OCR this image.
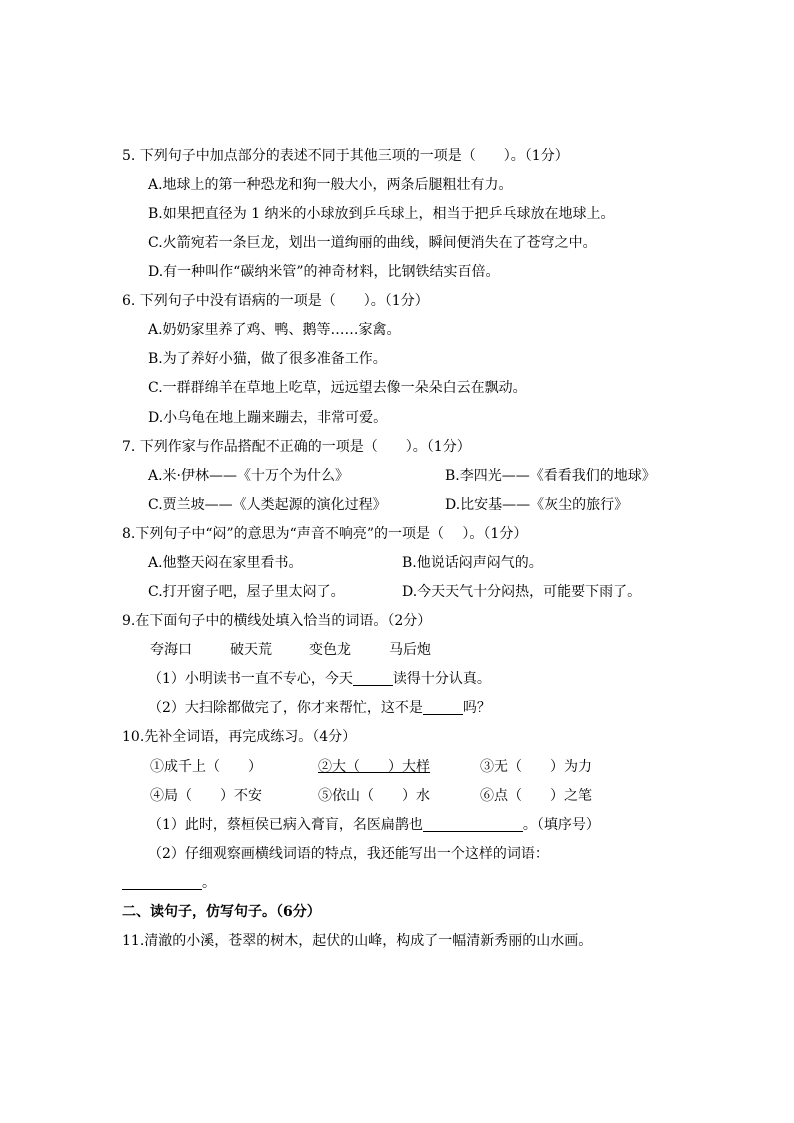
5. 下列句子中加点部分的表述不同于其他三项的一项是（　　）。（1分）
A.地球上的第一种恐龙和狗一般大小，两条后腿粗壮有力。
B.如果把直径为 1 纳米的小球放到乒乓球上，相当于把乒乓球放在地球上。
C.火箭宛若一条巨龙，划出一道绚丽的曲线，瞬间便消失在了苍穹之中。
D.有一种叫作“碳纳米管”的神奇材料，比钢铁结实百倍。
6. 下列句子中没有语病的一项是（　　）。（1分）
A.奶奶家里养了鸡、鸭、鹅等……家禽。
B.为了养好小猫，做了很多准备工作。
C.一群群绵羊在草地上吃草，远远望去像一朵朵白云在飘动。
D.小乌龟在地上蹦来蹦去，非常可爱。
7. 下列作家与作品搭配不正确的一项是（　　）。（1分）
A.米·伊林——《十万个为什么》	B.李四光——《看看我们的地球》
C.贾兰坡——《人类起源的演化过程》	D.比安基——《灰尘的旅行》
8.下列句子中“闷”的意思为“声音不响亮”的一项是（　 ）。（1分）
A.他整天闷在家里看书。	B.他说话闷声闷气的。
C.打开窗子吧，屋子里太闷了。	D.今天天气十分闷热，可能要下雨了。
9.在下面句子中的横线处填入恰当的词语。（2分）
夸海口	破天荒	变色龙	马后炮
（1）小明读书一直不专心，今天	读得十分认真。
（2）大扫除都做完了，你才来帮忙，这不是	吗？
10.先补全词语，再完成练习。（4分）
①成千上（　　）	②大（　　）大样	③无（　　）为力
④局（　　）不安	⑤依山（　　）水	⑥点（　　）之笔
（1）此时，蔡桓侯已病入膏肓，名医扁鹊也	。（填序号）
（2）仔细观察画横线词语的特点，我还能写出一个这样的词语：
。
二、读句子，仿写句子。（6分）
11.清澈的小溪，苍翠的树木，起伏的山峰，构成了一幅清新秀丽的山水画。
